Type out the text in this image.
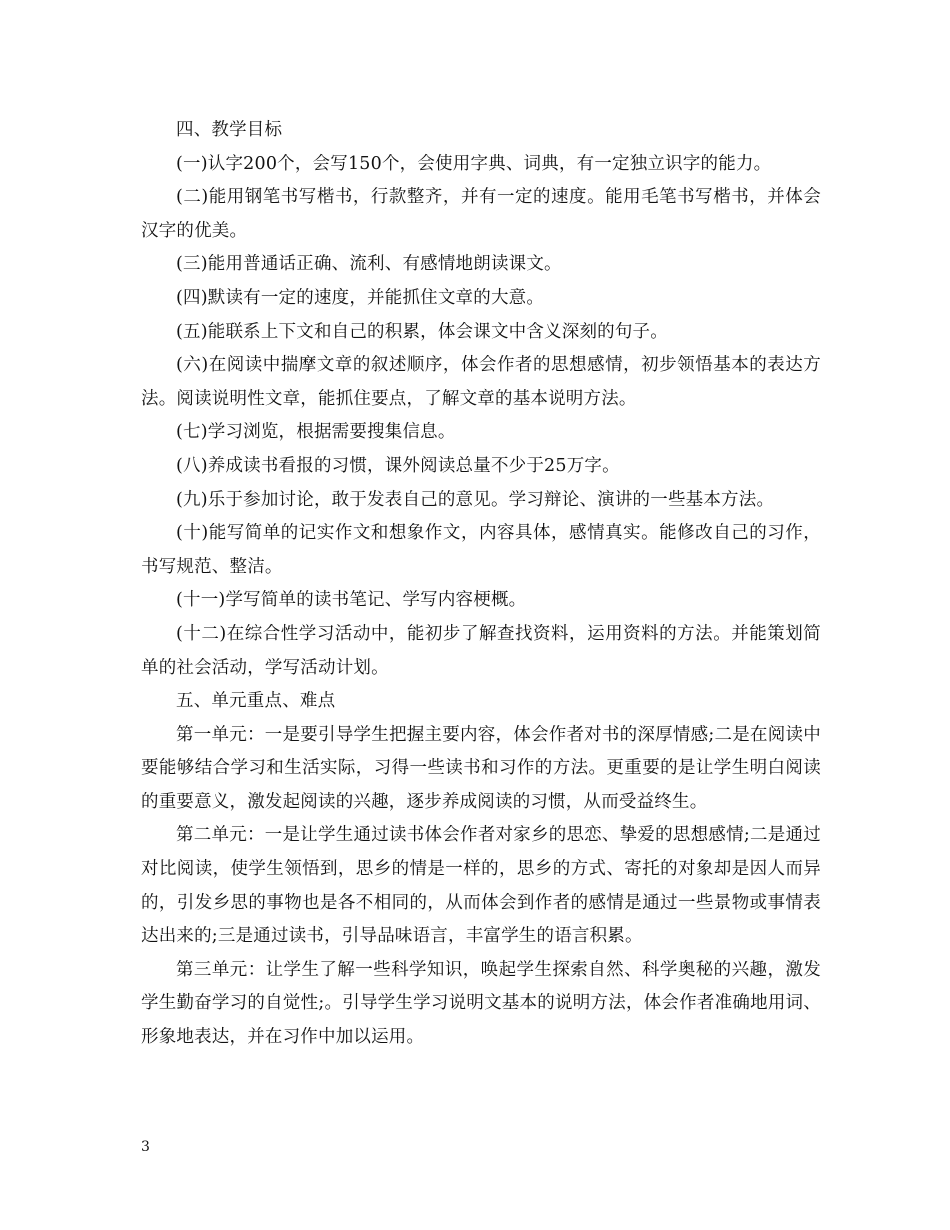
四、教学目标

(一)认字200个，会写150个，会使用字典、词典，有一定独立识字的能力。

(二)能用钢笔书写楷书，行款整齐，并有一定的速度。能用毛笔书写楷书，并体会汉字的优美。

(三)能用普通话正确、流利、有感情地朗读课文。

(四)默读有一定的速度，并能抓住文章的大意。

(五)能联系上下文和自己的积累，体会课文中含义深刻的句子。

(六)在阅读中揣摩文章的叙述顺序，体会作者的思想感情，初步领悟基本的表达方法。阅读说明性文章，能抓住要点，了解文章的基本说明方法。

(七)学习浏览，根据需要搜集信息。

(八)养成读书看报的习惯，课外阅读总量不少于25万字。

(九)乐于参加讨论，敢于发表自己的意见。学习辩论、演讲的一些基本方法。

(十)能写简单的记实作文和想象作文，内容具体，感情真实。能修改自己的习作，书写规范、整洁。

(十一)学写简单的读书笔记、学写内容梗概。

(十二)在综合性学习活动中，能初步了解查找资料，运用资料的方法。并能策划简单的社会活动，学写活动计划。

五、单元重点、难点

第一单元：一是要引导学生把握主要内容，体会作者对书的深厚情感;二是在阅读中要能够结合学习和生活实际，习得一些读书和习作的方法。更重要的是让学生明白阅读的重要意义，激发起阅读的兴趣，逐步养成阅读的习惯，从而受益终生。

第二单元：一是让学生通过读书体会作者对家乡的思恋、挚爱的思想感情;二是通过对比阅读，使学生领悟到，思乡的情是一样的，思乡的方式、寄托的对象却是因人而异的，引发乡思的事物也是各不相同的，从而体会到作者的感情是通过一些景物或事情表达出来的;三是通过读书，引导品味语言，丰富学生的语言积累。

第三单元：让学生了解一些科学知识，唤起学生探索自然、科学奥秘的兴趣，激发学生勤奋学习的自觉性;。引导学生学习说明文基本的说明方法，体会作者准确地用词、形象地表达，并在习作中加以运用。

3
